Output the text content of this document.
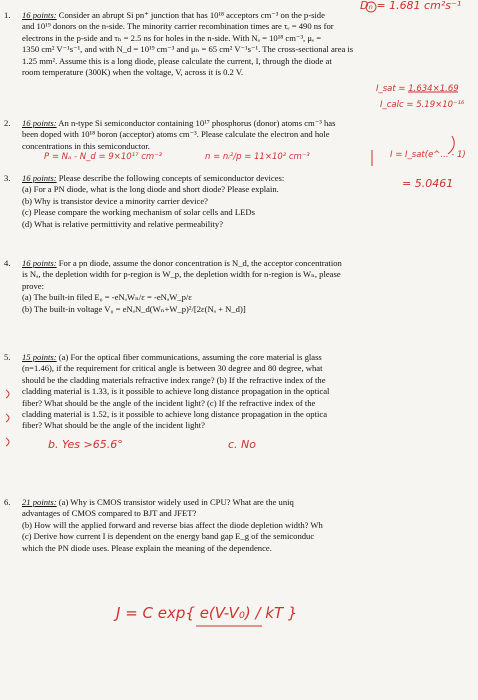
1. 16 points: Consider an abrupt Si pn⁺ junction that has 10¹⁸ acceptors cm⁻³ on the p-side
and 10¹⁹ donors on the n-side. The minority carrier recombination times are τₑ = 490 ns for
electrons in the p-side and τₕ = 2.5 ns for holes in the n-side. With Nₐ = 10¹⁸ cm⁻³, μₑ =
1350 cm² V⁻¹s⁻¹, and with N_d = 10¹⁹ cm⁻³ and μₕ = 65 cm² V⁻¹s⁻¹. The cross-sectional area is
1.25 mm². Assume this is a long diode, please calculate the current, I, through the diode at
room temperature (300K) when the voltage, V, across it is 0.2 V.
2. 16 points: An n-type Si semiconductor containing 10¹⁷ phosphorus (donor) atoms cm⁻³ has
been doped with 10¹⁸ boron (acceptor) atoms cm⁻³. Please calculate the electron and hole
concentrations in this semiconductor.
3. 16 points: Please describe the following concepts of semiconductor devices:
(a) For a PN diode, what is the long diode and short diode? Please explain.
(b) Why is transistor device a minority carrier device?
(c) Please compare the working mechanism of solar cells and LEDs
(d) What is relative permittivity and relative permeability?
4. 16 points: For a pn diode, assume the donor concentration is N_d, the acceptor concentration
is Nₐ, the depletion width for p-region is W_p, the depletion width for n-region is Wₙ, please
prove:
(a) The built-in filed E₀ = -eNₐWₙ/ε = -eNₐW_p/ε
(b) The built-in voltage V₀ = eNₐN_d(Wₙ+W_p)²/[2ε(Nₐ + N_d)]
5. 15 points: (a) For the optical fiber communications, assuming the core material is glass
(n=1.46), if the requirement for critical angle is between 30 degree and 80 degree, what
should be the cladding materials refractive index range? (b) If the refractive index of the
cladding material is 1.33, is it possible to achieve long distance propagation in the optical
fiber? What should be the angle of the incident light? (c) If the refractive index of the
cladding material is 1.52, is it possible to achieve long distance propagation in the optica
fiber? What should be the angle of the incident light?
6. 21 points: (a) Why is CMOS transistor widely used in CPU? What are the uniq
advantages of CMOS compared to BJT and JFET?
(b) How will the applied forward and reverse bias affect the diode depletion width? Wh
(c) Derive how current I is dependent on the energy band gap E_g of the semiconduc
which the PN diode uses. Please explain the meaning of the dependence.
Dₙ = 1.681 cm²s⁻¹
I_sat = 1.634×1.69
I_calc = 5.19×10⁻¹⁶
P = Nₐ - N_d = 9×10¹⁷ cm⁻³	n = nᵢ²/p = 11×10² cm⁻³	I = I_sat(e^... - 1)
= 5.0461
b. Yes >65.6°	c. No
J = C exp{ e(V-V₀) / kT }
